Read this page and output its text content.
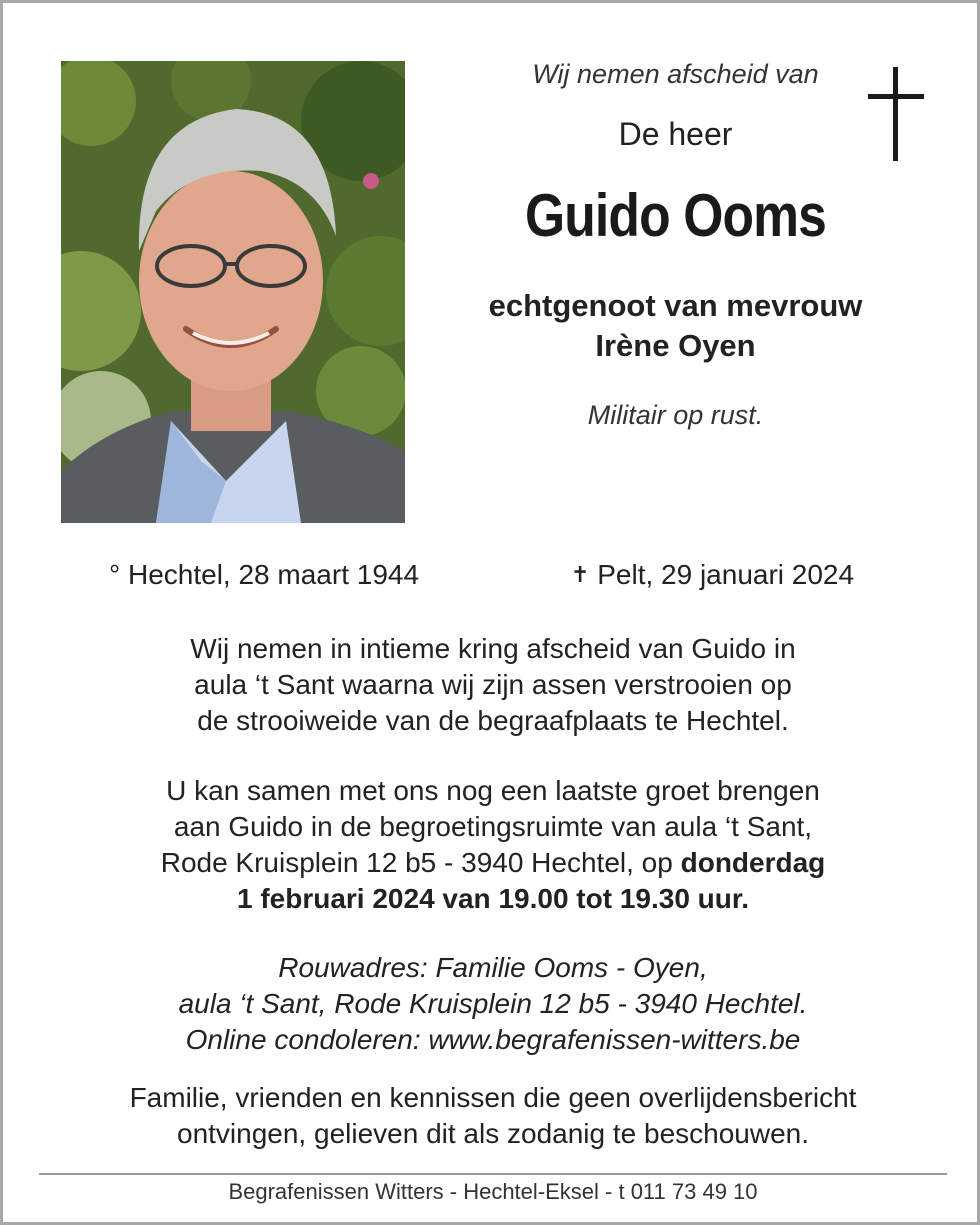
Wij nemen afscheid van
De heer
Guido Ooms
echtgenoot van mevrouw
Irène Oyen
Militair op rust.
° Hechtel, 28 maart 1944	✝ Pelt, 29 januari 2024
Wij nemen in intieme kring afscheid van Guido in
aula ‘t Sant waarna wij zijn assen verstrooien op
de strooiweide van de begraafplaats te Hechtel.
U kan samen met ons nog een laatste groet brengen
aan Guido in de begroetingsruimte van aula ‘t Sant,
Rode Kruisplein 12 b5 - 3940 Hechtel, op donderdag
1 februari 2024 van 19.00 tot 19.30 uur.
Rouwadres: Familie Ooms - Oyen,
aula ‘t Sant, Rode Kruisplein 12 b5 - 3940 Hechtel.
Online condoleren: www.begrafenissen-witters.be
Familie, vrienden en kennissen die geen overlijdensbericht
ontvingen, gelieven dit als zodanig te beschouwen.
Begrafenissen Witters - Hechtel-Eksel - t 011 73 49 10
